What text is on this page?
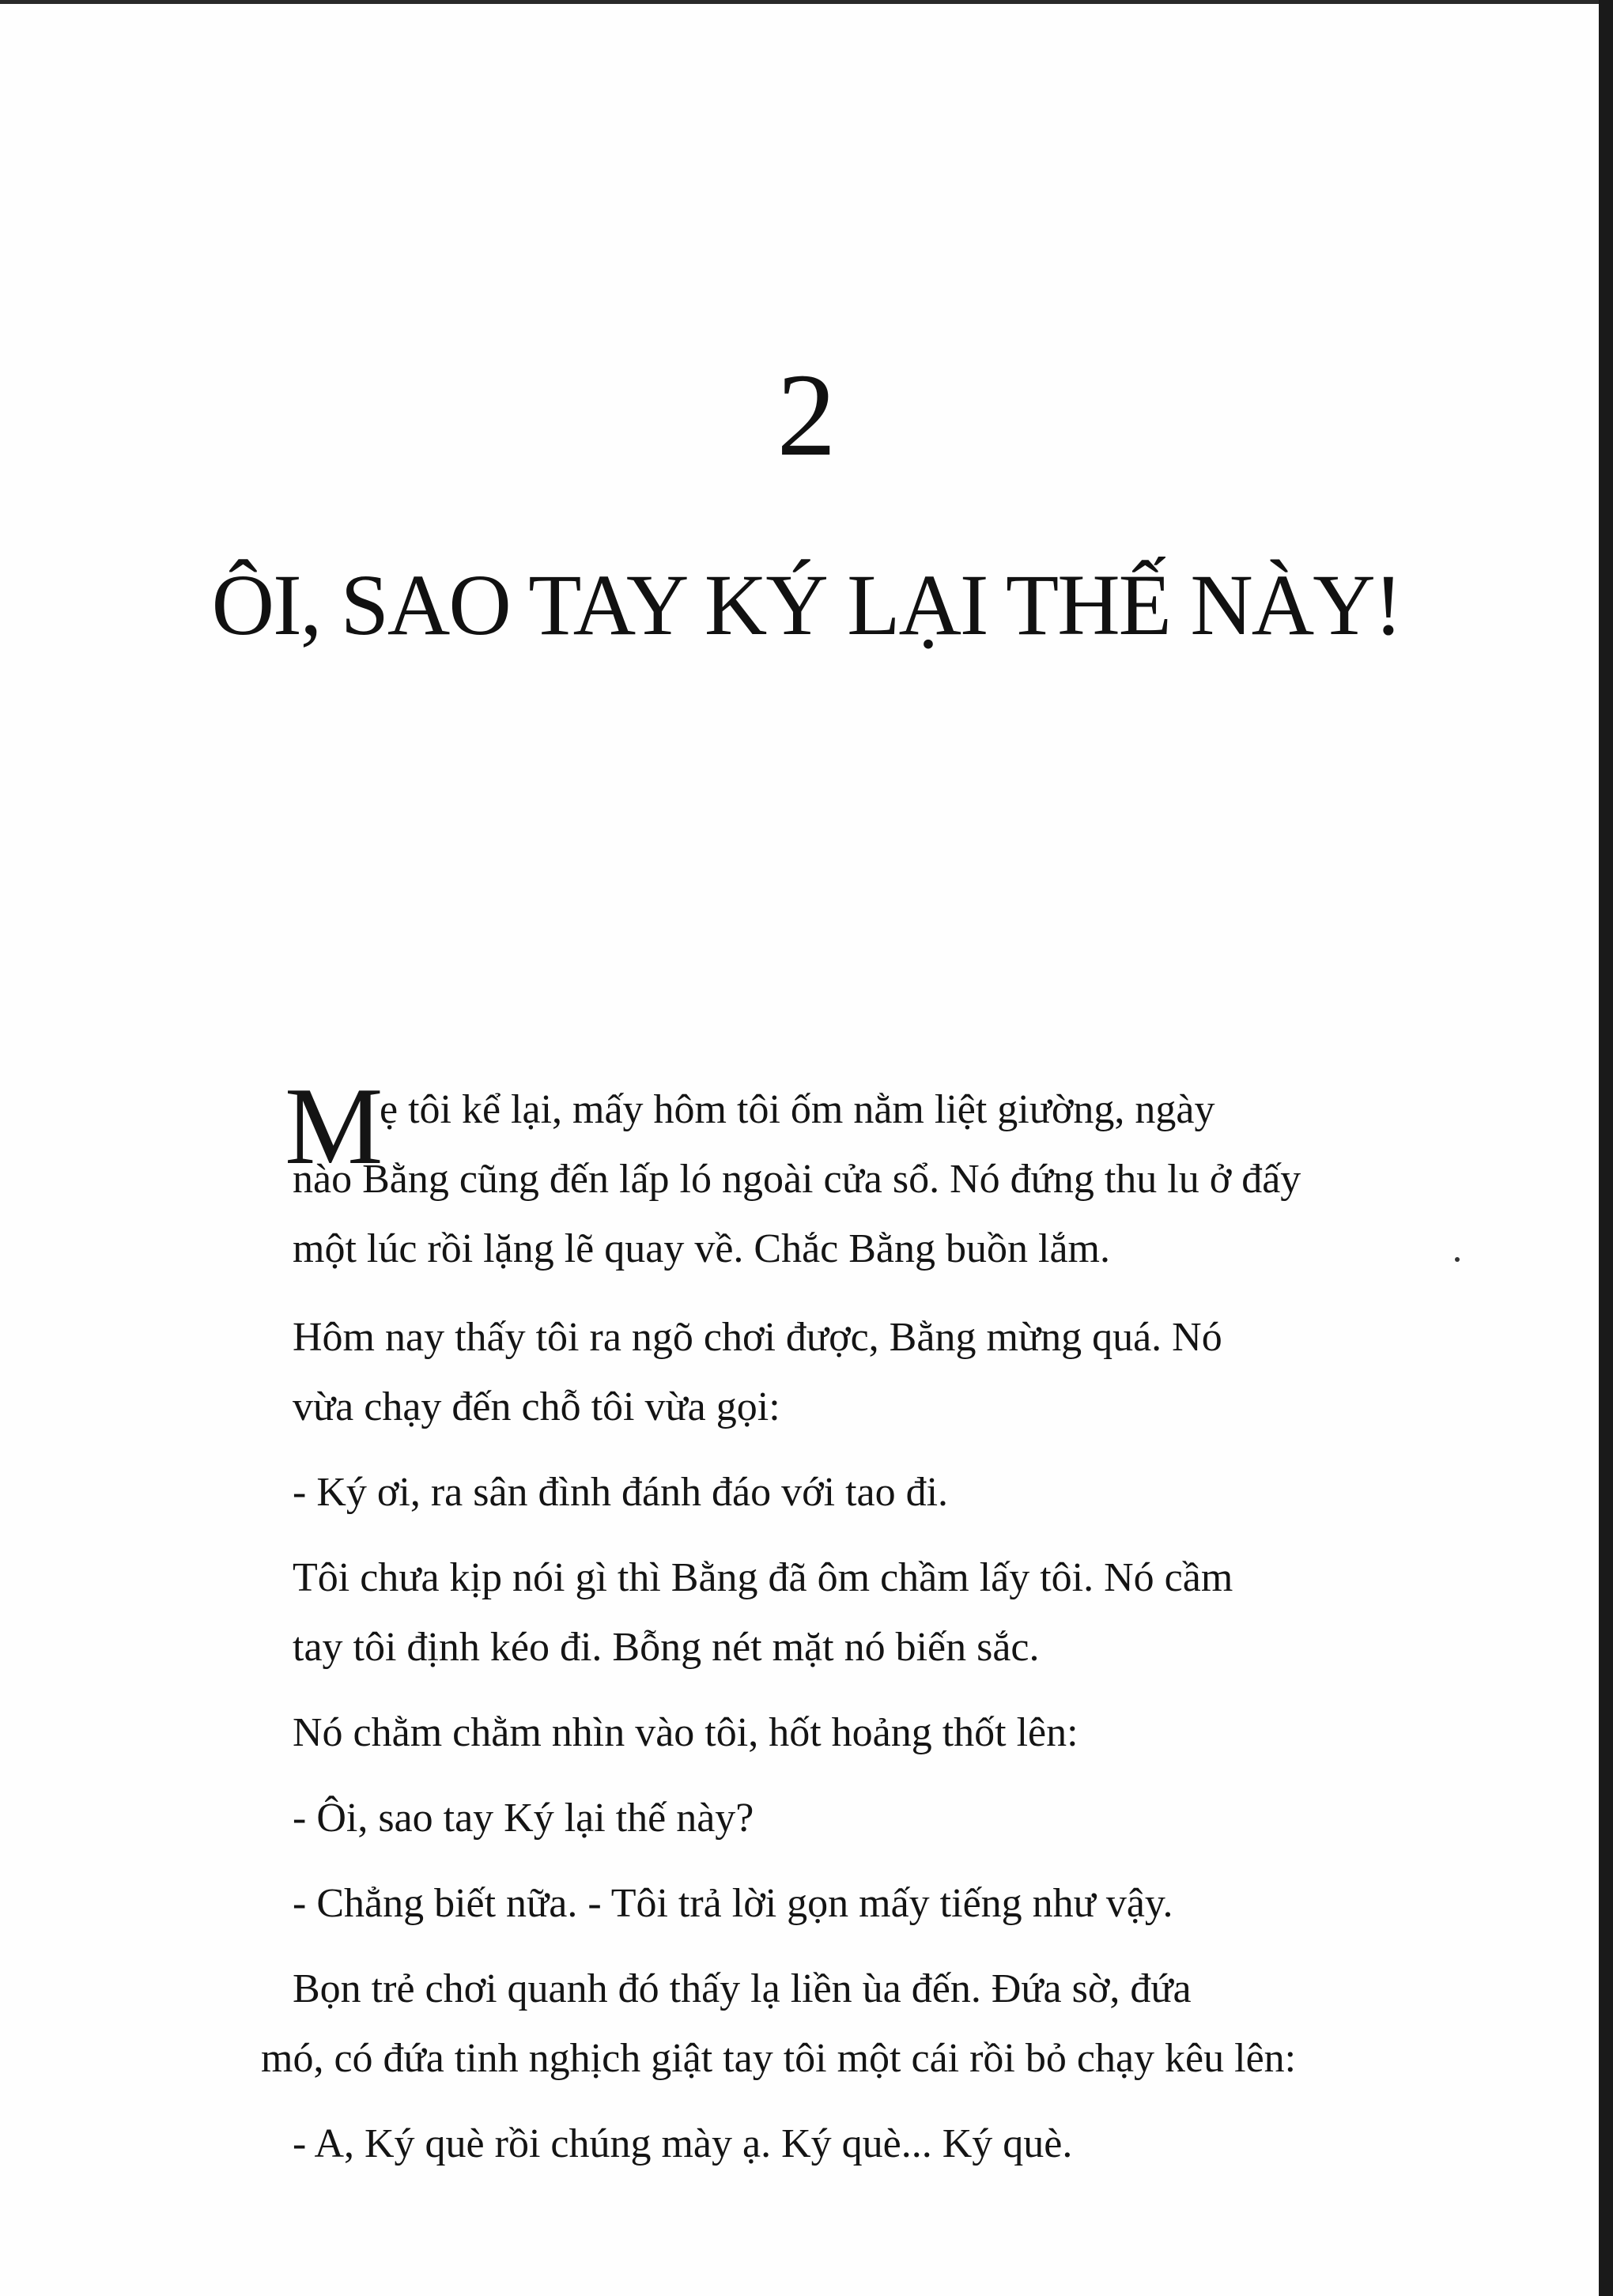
2
ÔI, SAO TAY KÝ LẠI THẾ NÀY!
M
ẹ tôi kể lại, mấy hôm tôi ốm nằm liệt giường, ngày
nào Bằng cũng đến lấp ló ngoài cửa sổ. Nó đứng thu lu ở đấy
một lúc rồi lặng lẽ quay về. Chắc Bằng buồn lắm.
Hôm nay thấy tôi ra ngõ chơi được, Bằng mừng quá. Nó
vừa chạy đến chỗ tôi vừa gọi:
- Ký ơi, ra sân đình đánh đáo với tao đi.
Tôi chưa kịp nói gì thì Bằng đã ôm chầm lấy tôi. Nó cầm
tay tôi định kéo đi. Bỗng nét mặt nó biến sắc.
Nó chằm chằm nhìn vào tôi, hốt hoảng thốt lên:
- Ôi, sao tay Ký lại thế này?
- Chẳng biết nữa. - Tôi trả lời gọn mấy tiếng như vậy.
Bọn trẻ chơi quanh đó thấy lạ liền ùa đến. Đứa sờ, đứa
mó, có đứa tinh nghịch giật tay tôi một cái rồi bỏ chạy kêu lên:
- A, Ký què rồi chúng mày ạ. Ký què... Ký què.
